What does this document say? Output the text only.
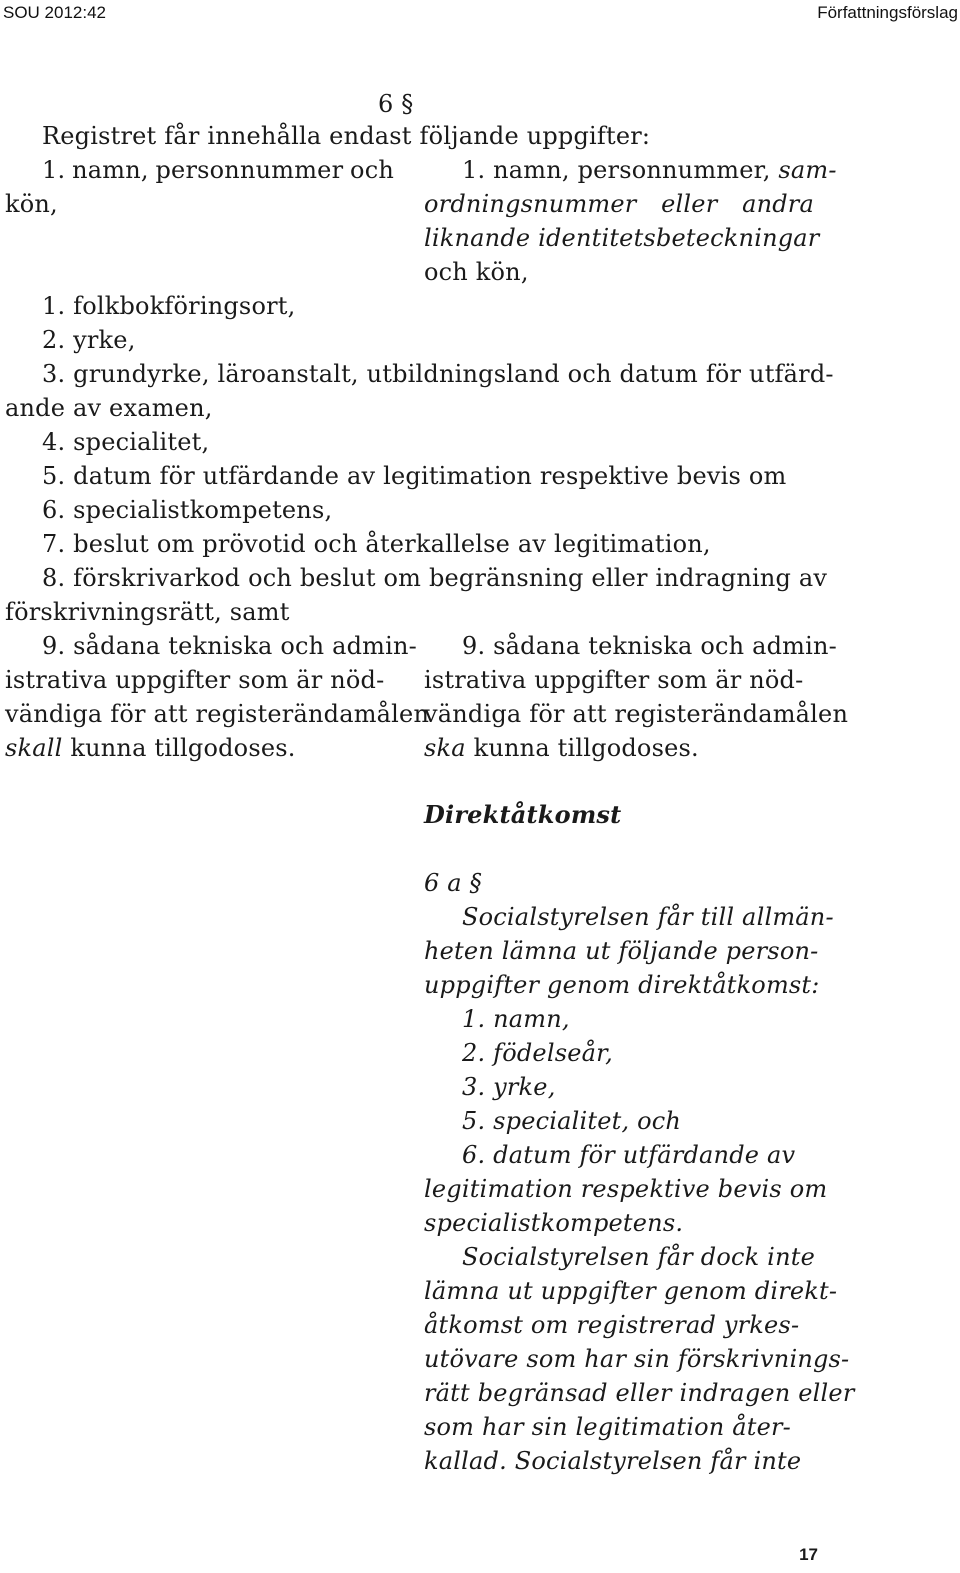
SOU 2012:42	Författningsförslag
6 §
Registret får innehålla endast följande uppgifter:
1. namn, personnummer och
kön,
1. namn, personnummer, sam-
ordningsnummer eller andra
liknande identitetsbeteckningar
och kön,
1. folkbokföringsort,
2. yrke,
3. grundyrke, läroanstalt, utbildningsland och datum för utfärd-
ande av examen,
4. specialitet,
5. datum för utfärdande av legitimation respektive bevis om
6. specialistkompetens,
7. beslut om prövotid och återkallelse av legitimation,
8. förskrivarkod och beslut om begränsning eller indragning av
förskrivningsrätt, samt
9. sådana tekniska och admin-
istrativa uppgifter som är nöd-
vändiga för att registerändamålen
skall kunna tillgodoses.
9. sådana tekniska och admin-
istrativa uppgifter som är nöd-
vändiga för att registerändamålen
ska kunna tillgodoses.
Direktåtkomst
6 a §
Socialstyrelsen får till allmän-
heten lämna ut följande person-
uppgifter genom direktåtkomst:
1. namn,
2. födelseår,
3. yrke,
5. specialitet, och
6. datum för utfärdande av
legitimation respektive bevis om
specialistkompetens.
Socialstyrelsen får dock inte
lämna ut uppgifter genom direkt-
åtkomst om registrerad yrkes-
utövare som har sin förskrivnings-
rätt begränsad eller indragen eller
som har sin legitimation åter-
kallad. Socialstyrelsen får inte
17
